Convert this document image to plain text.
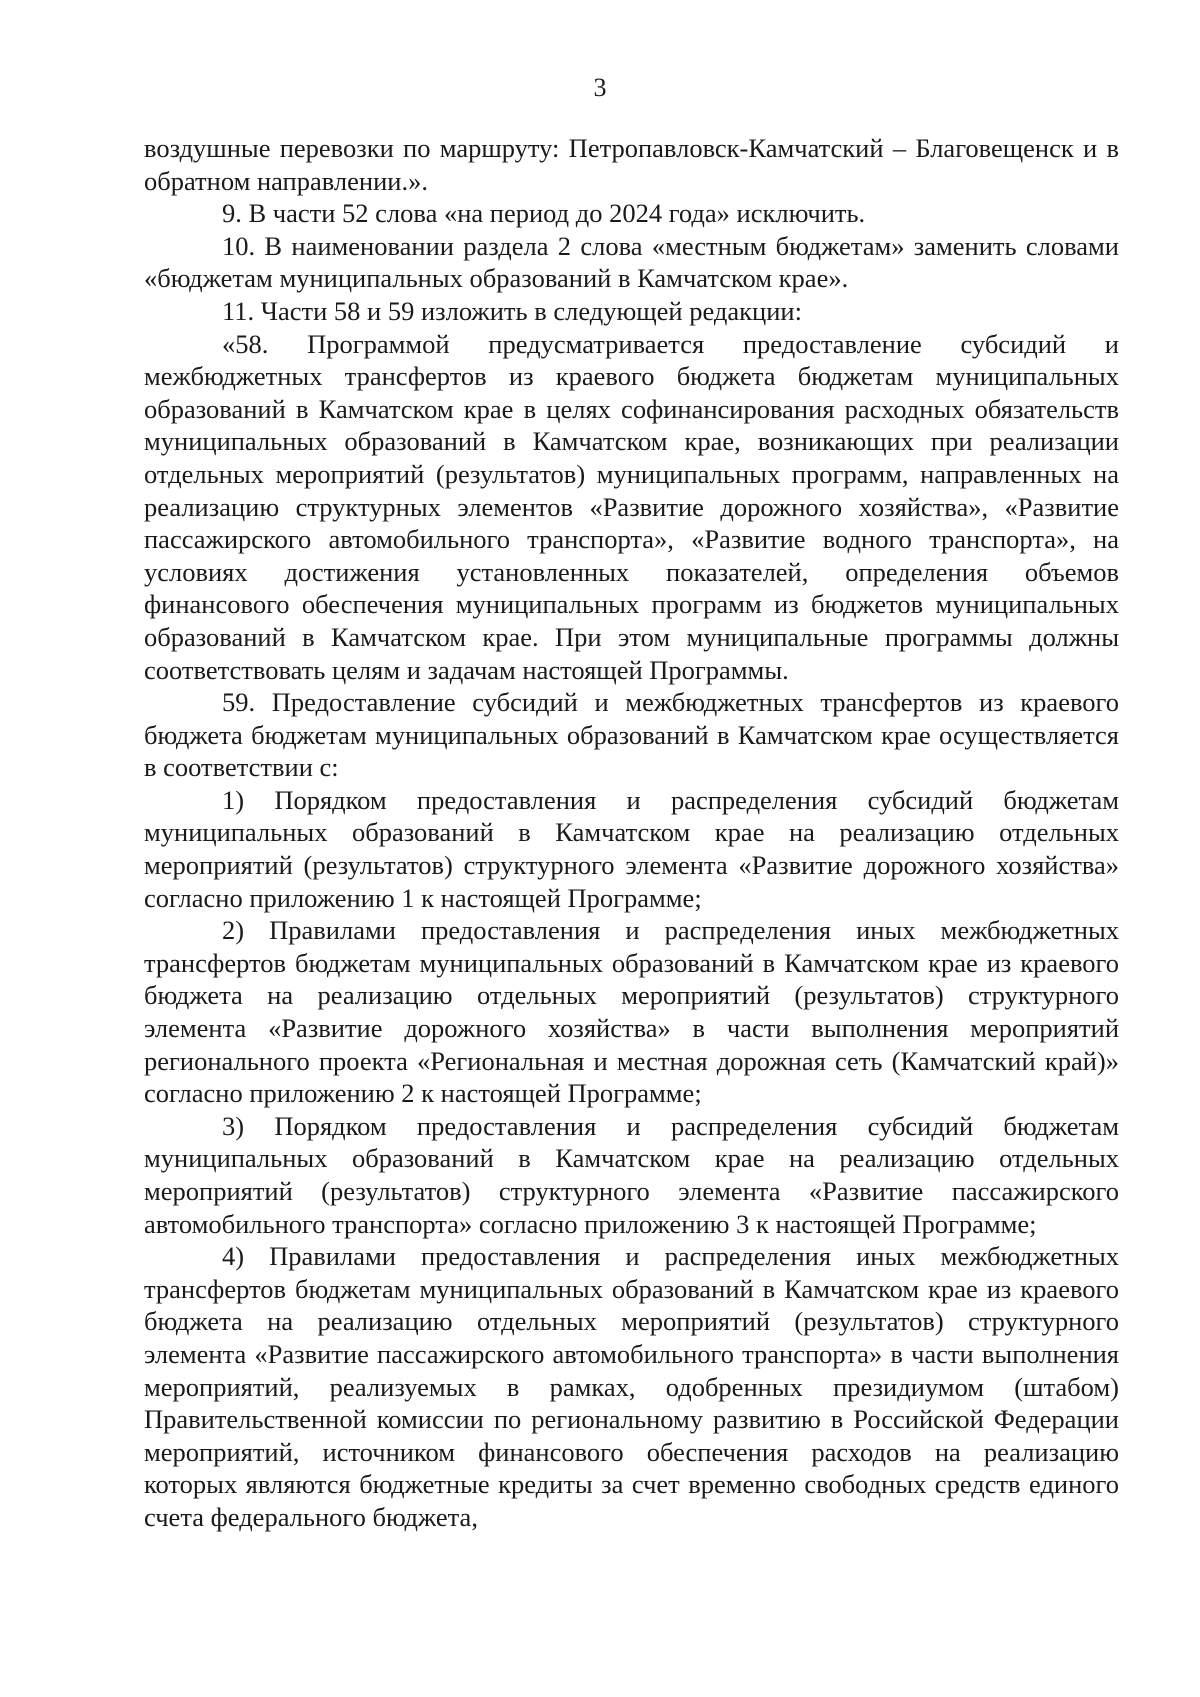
3

воздушные перевозки по маршруту: Петропавловск-Камчатский – Благовещенск и в обратном направлении.».

9. В части 52 слова «на период до 2024 года» исключить.

10. В наименовании раздела 2 слова «местным бюджетам» заменить словами «бюджетам муниципальных образований в Камчатском крае».

11. Части 58 и 59 изложить в следующей редакции:

«58. Программой предусматривается предоставление субсидий и межбюджетных трансфертов из краевого бюджета бюджетам муниципальных образований в Камчатском крае в целях софинансирования расходных обязательств муниципальных образований в Камчатском крае, возникающих при реализации отдельных мероприятий (результатов) муниципальных программ, направленных на реализацию структурных элементов «Развитие дорожного хозяйства», «Развитие пассажирского автомобильного транспорта», «Развитие водного транспорта», на условиях достижения установленных показателей, определения объемов финансового обеспечения муниципальных программ из бюджетов муниципальных образований в Камчатском крае. При этом муниципальные программы должны соответствовать целям и задачам настоящей Программы.

59. Предоставление субсидий и межбюджетных трансфертов из краевого бюджета бюджетам муниципальных образований в Камчатском крае осуществляется в соответствии с:

1) Порядком предоставления и распределения субсидий бюджетам муниципальных образований в Камчатском крае на реализацию отдельных мероприятий (результатов) структурного элемента «Развитие дорожного хозяйства» согласно приложению 1 к настоящей Программе;

2) Правилами предоставления и распределения иных межбюджетных трансфертов бюджетам муниципальных образований в Камчатском крае из краевого бюджета на реализацию отдельных мероприятий (результатов) структурного элемента «Развитие дорожного хозяйства» в части выполнения мероприятий регионального проекта «Региональная и местная дорожная сеть (Камчатский край)» согласно приложению 2 к настоящей Программе;

3) Порядком предоставления и распределения субсидий бюджетам муниципальных образований в Камчатском крае на реализацию отдельных мероприятий (результатов) структурного элемента «Развитие пассажирского автомобильного транспорта» согласно приложению 3 к настоящей Программе;

4) Правилами предоставления и распределения иных межбюджетных трансфертов бюджетам муниципальных образований в Камчатском крае из краевого бюджета на реализацию отдельных мероприятий (результатов) структурного элемента «Развитие пассажирского автомобильного транспорта» в части выполнения мероприятий, реализуемых в рамках, одобренных президиумом (штабом) Правительственной комиссии по региональному развитию в Российской Федерации мероприятий, источником финансового обеспечения расходов на реализацию которых являются бюджетные кредиты за счет временно свободных средств единого счета федерального бюджета,
